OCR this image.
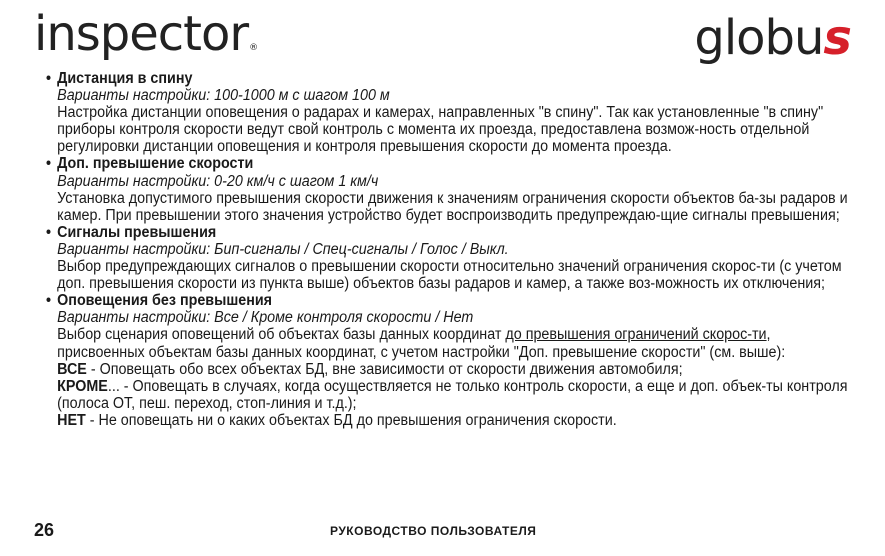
inspector®	globus
• Дистанция в спину
Варианты настройки: 100-1000 м с шагом 100 м
Настройка дистанции оповещения о радарах и камерах, направленных "в спину". Так как установленные "в спину" приборы контроля скорости ведут свой контроль с момента их проезда, предоставлена возмож-ность отдельной регулировки дистанции оповещения и контроля превышения скорости до момента проезда.
• Доп. превышение скорости
Варианты настройки: 0-20 км/ч с шагом 1 км/ч
Установка допустимого превышения скорости движения к значениям ограничения скорости объектов ба-зы радаров и камер. При превышении этого значения устройство будет воспроизводить предупреждаю-щие сигналы превышения;
• Сигналы превышения
Варианты настройки: Бип-сигналы / Спец-сигналы / Голос / Выкл.
Выбор предупреждающих сигналов о превышении скорости относительно значений ограничения скорос-ти (с учетом доп. превышения скорости из пункта выше) объектов базы радаров и камер, а также воз-можность их отключения;
• Оповещения без превышения
Варианты настройки: Все / Кроме контроля скорости / Нет
Выбор сценария оповещений об объектах базы данных координат до превышения ограничений скорос-ти, присвоенных объектам базы данных координат, с учетом настройки "Доп. превышение скорости" (см. выше):
ВСЕ - Оповещать обо всех объектах БД, вне зависимости от скорости движения автомобиля;
КРОМЕ... - Оповещать в случаях, когда осуществляется не только контроль скорости, а еще и доп. объек-ты контроля (полоса ОТ, пеш. переход, стоп-линия и т.д.);
НЕТ - Не оповещать ни о каких объектах БД до превышения ограничения скорости.
26	РУКОВОДСТВО ПОЛЬЗОВАТЕЛЯ
